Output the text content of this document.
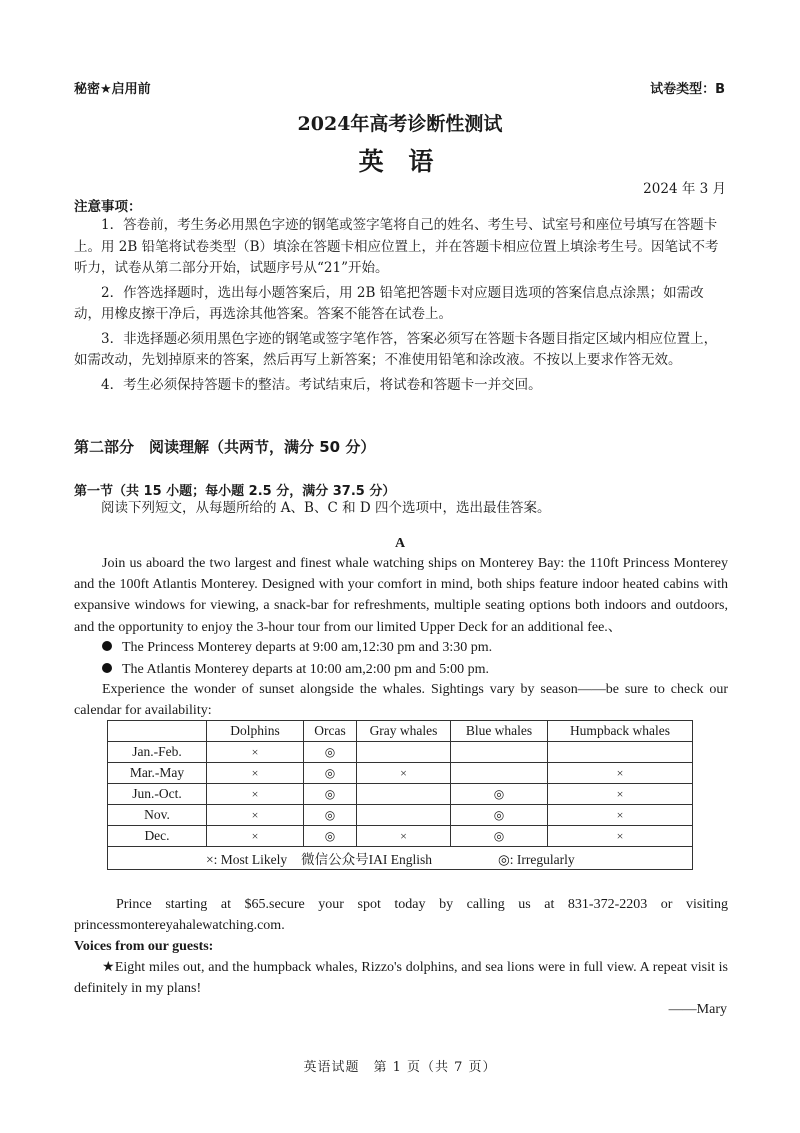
秘密★启用前	试卷类型：B
2024年高考诊断性测试
英 语
2024 年 3 月
注意事项：
1．答卷前，考生务必用黑色字迹的钢笔或签字笔将自己的姓名、考生号、试室号和座位号填写在答题卡上。用 2B 铅笔将试卷类型（B）填涂在答题卡相应位置上，并在答题卡相应位置上填涂考生号。因笔试不考听力，试卷从第二部分开始，试题序号从“21”开始。
2．作答选择题时，选出每小题答案后，用 2B 铅笔把答题卡对应题目选项的答案信息点涂黑；如需改动，用橡皮擦干净后，再选涂其他答案。答案不能答在试卷上。
3．非选择题必须用黑色字迹的钢笔或签字笔作答，答案必须写在答题卡各题目指定区域内相应位置上，如需改动，先划掉原来的答案，然后再写上新答案；不准使用铅笔和涂改液。不按以上要求作答无效。
4．考生必须保持答题卡的整洁。考试结束后，将试卷和答题卡一并交回。
第二部分　阅读理解（共两节，满分 50 分）
第一节（共 15 小题；每小题 2.5 分，满分 37.5 分）
阅读下列短文，从每题所给的 A、B、C 和 D 四个选项中，选出最佳答案。
A
Join us aboard the two largest and finest whale watching ships on Monterey Bay: the 110ft Princess Monterey and the 100ft Atlantis Monterey. Designed with your comfort in mind, both ships feature indoor heated cabins with expansive windows for viewing, a snack-bar for refreshments, multiple seating options both indoors and outdoors, and the opportunity to enjoy the 3-hour tour from our limited Upper Deck for an additional fee.、
The Princess Monterey departs at 9:00 am,12:30 pm and 3:30 pm.
The Atlantis Monterey departs at 10:00 am,2:00 pm and 5:00 pm.
Experience the wonder of sunset alongside the whales. Sightings vary by season——be sure to check our calendar for availability:
	Dolphins	Orcas	Gray whales	Blue whales	Humpback whales
Jan.-Feb.	×	◎			
Mar.-May	×	◎	×		×
Jun.-Oct.	×	◎		◎	×
Nov.	×	◎		◎	×
Dec.	×	◎	×	◎	×
×: Most Likely 微信公众号IAI English ◎: Irregularly					
Prince starting at $65.secure your spot today by calling us at 831-372-2203 or visiting princessmontereyahalewatching.com.
Voices from our guests:
★Eight miles out, and the humpback whales, Rizzo's dolphins, and sea lions were in full view. A repeat visit is definitely in my plans!
——Mary
英语试题　第 1 页（共 7 页）
